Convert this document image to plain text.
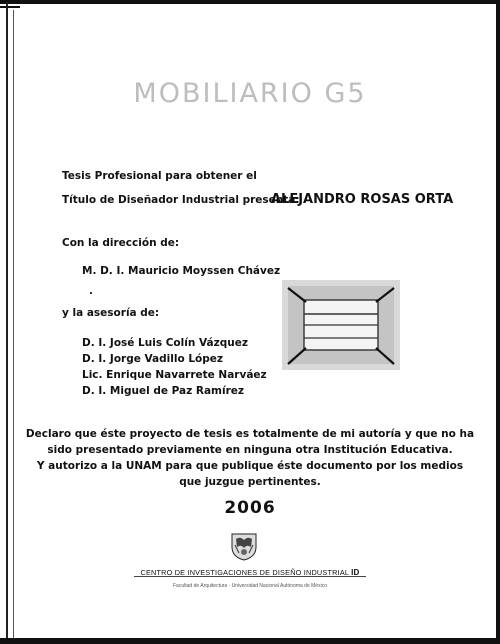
MOBILIARIO G5
Tesis Profesional para obtener el
Título de Diseñador Industrial presenta:
ALEJANDRO ROSAS ORTA
Con la dirección de:
M. D. I. Mauricio Moyssen Chávez
y la asesoría de:
D. I. José Luis Colín Vázquez
D. I. Jorge Vadillo López
Lic. Enrique Navarrete Narváez
D. I. Miguel de Paz Ramírez
Declaro que éste proyecto de tesis es totalmente de mi autoría y que no ha
sido presentado previamente en ninguna otra Institución Educativa.
Y autorizo a la UNAM para que publique éste documento por los medios
que juzgue pertinentes.
2006
CENTRO DE INVESTIGACIONES DE DISEÑO INDUSTRIAL ID
Facultad de Arquitectura · Universidad Nacional Autónoma de México
